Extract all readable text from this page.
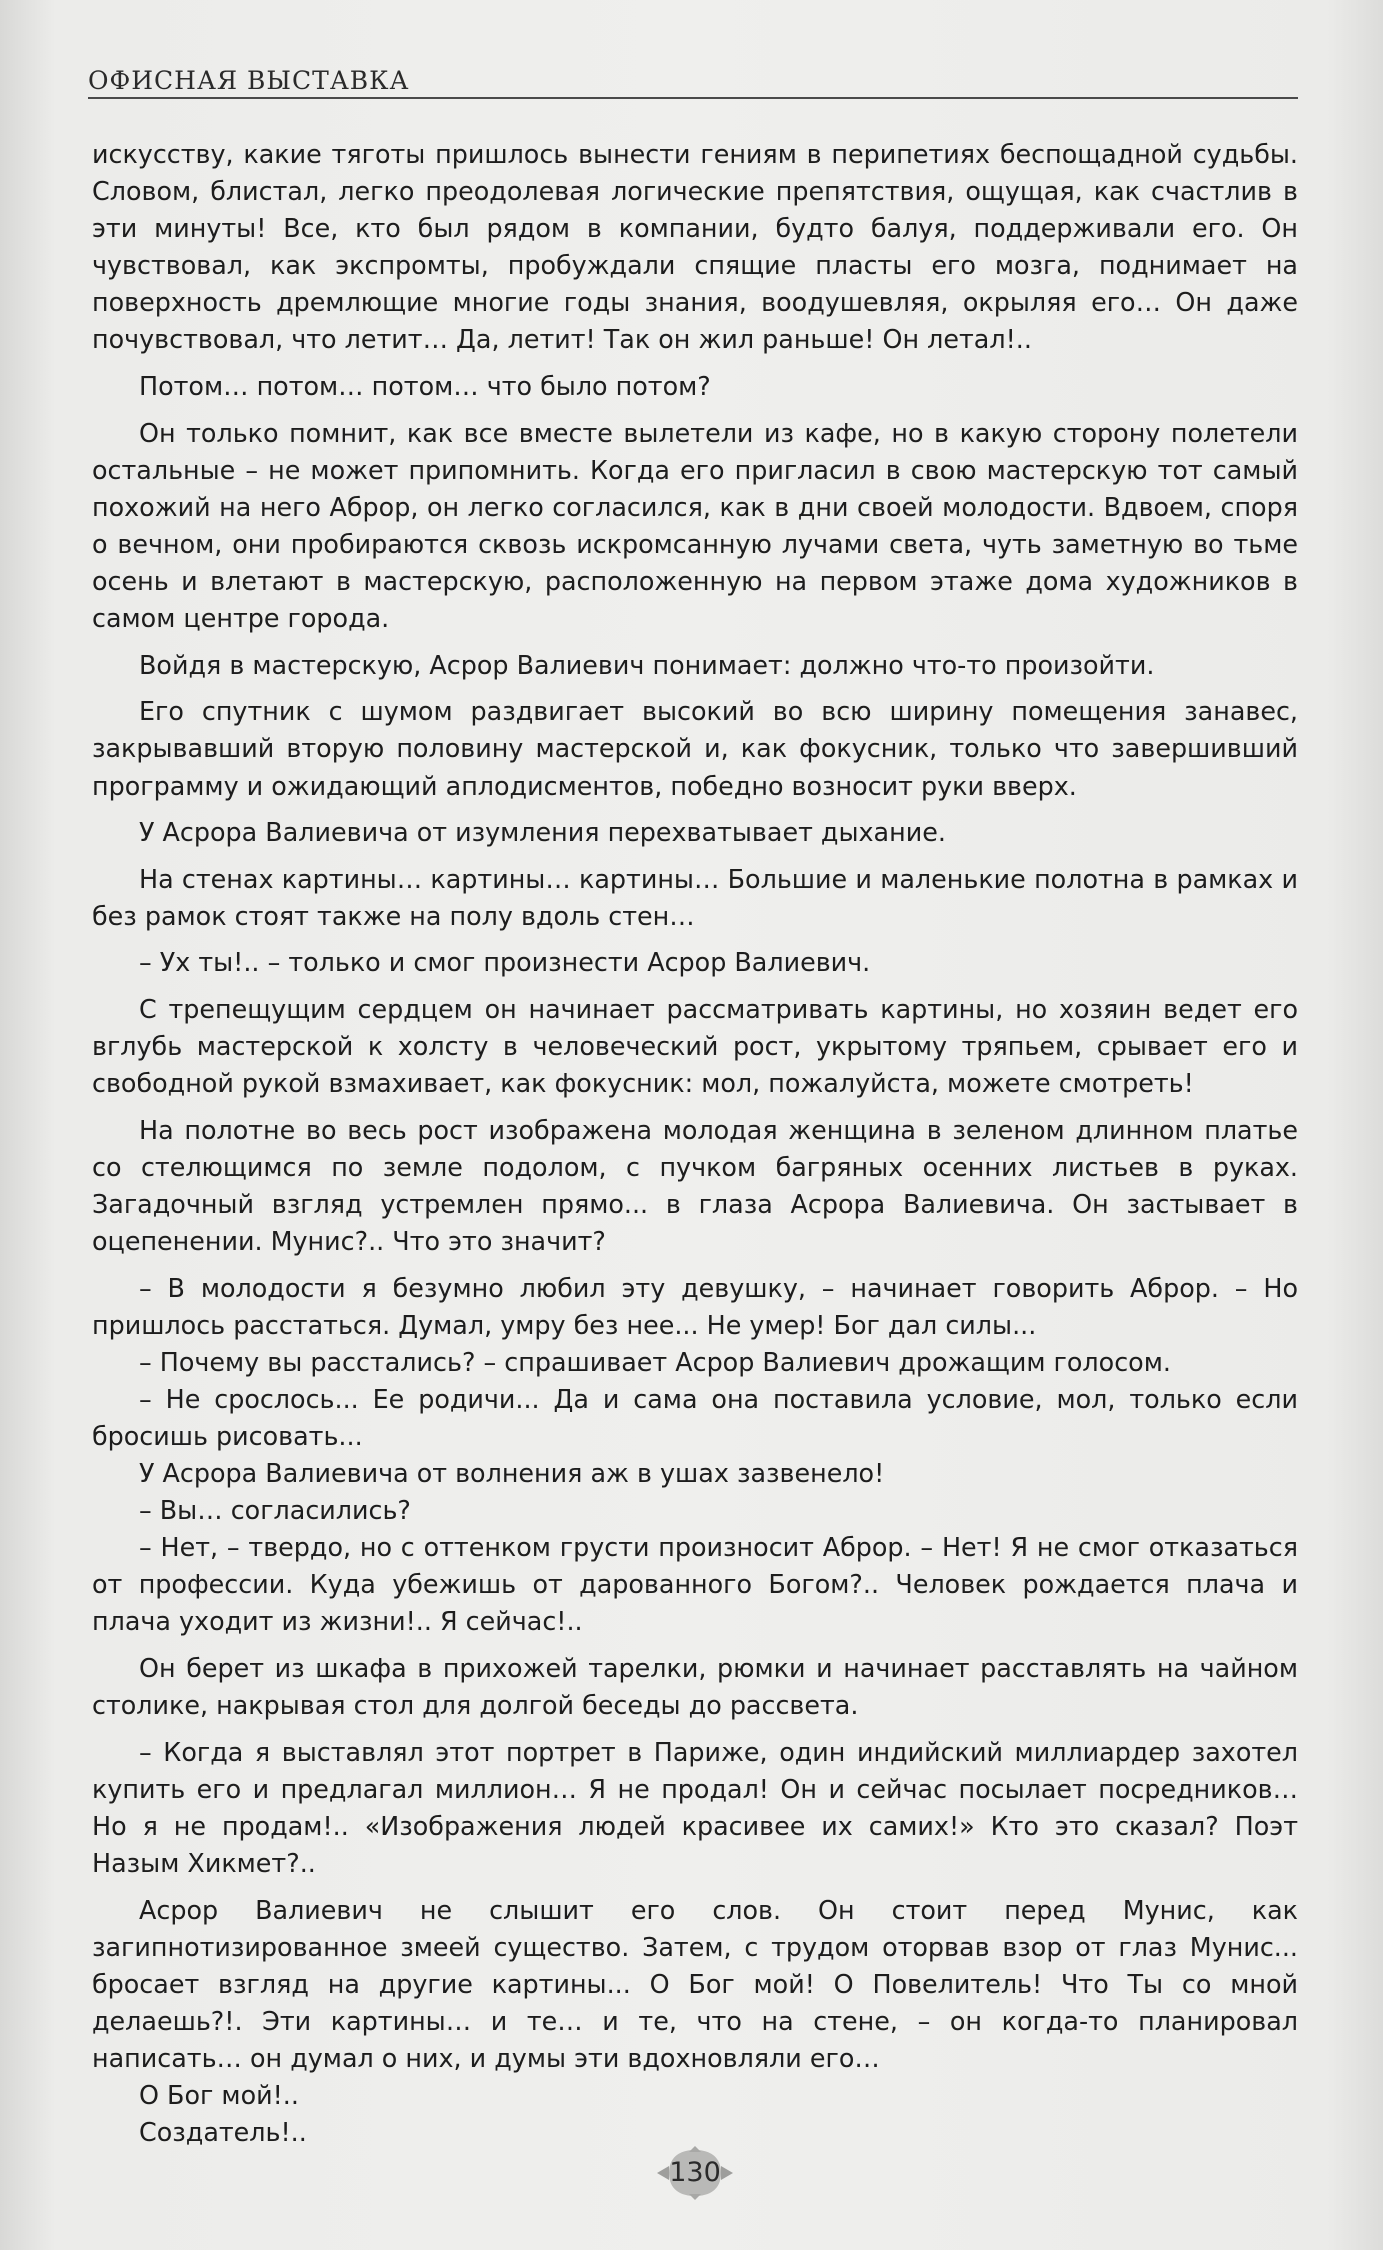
ОФИСНАЯ ВЫСТАВКА

искусству, какие тяготы пришлось вынести гениям в перипетиях беспощадной судьбы. Словом, блистал, легко преодолевая логические препятствия, ощущая, как счастлив в эти минуты! Все, кто был рядом в компании, будто балуя, поддерживали его. Он чувствовал, как экспромты, пробуждали спящие пласты его мозга, поднимает на поверхность дремлющие многие годы знания, воодушевляя, окрыляя его… Он даже почувствовал, что летит… Да, летит! Так он жил раньше! Он летал!..

Потом… потом… потом… что было потом?

Он только помнит, как все вместе вылетели из кафе, но в какую сторону полетели остальные – не может припомнить. Когда его пригласил в свою мастерскую тот самый похожий на него Аброр, он легко согласился, как в дни своей молодости. Вдвоем, споря о вечном, они пробираются сквозь искромсанную лучами света, чуть заметную во тьме осень и влетают в мастерскую, расположенную на первом этаже дома художников в самом центре города.

Войдя в мастерскую, Асрор Валиевич понимает: должно что-то произойти.

Его спутник с шумом раздвигает высокий во всю ширину помещения занавес, закрывавший вторую половину мастерской и, как фокусник, только что завершивший программу и ожидающий аплодисментов, победно возносит руки вверх.

У Асрора Валиевича от изумления перехватывает дыхание.

На стенах картины… картины… картины… Большие и маленькие полотна в рамках и без рамок стоят также на полу вдоль стен…

– Ух ты!.. – только и смог произнести Асрор Валиевич.

С трепещущим сердцем он начинает рассматривать картины, но хозяин ведет его вглубь мастерской к холсту в человеческий рост, укрытому тряпьем, срывает его и свободной рукой взмахивает, как фокусник: мол, пожалуйста, можете смотреть!

На полотне во весь рост изображена молодая женщина в зеленом длинном платье со стелющимся по земле подолом, с пучком багряных осенних листьев в руках. Загадочный взгляд устремлен прямо... в глаза Асрора Валиевича. Он застывает в оцепенении. Мунис?.. Что это значит?

– В молодости я безумно любил эту девушку, – начинает говорить Аброр. – Но пришлось расстаться. Думал, умру без нее... Не умер! Бог дал силы...

– Почему вы расстались? – спрашивает Асрор Валиевич дрожащим голосом.

– Не срослось... Ее родичи... Да и сама она поставила условие, мол, только если бросишь рисовать...

У Асрора Валиевича от волнения аж в ушах зазвенело!

– Вы… согласились?

– Нет, – твердо, но с оттенком грусти произносит Аброр. – Нет! Я не смог отказаться от профессии. Куда убежишь от дарованного Богом?.. Человек рождается плача и плача уходит из жизни!.. Я сейчас!..

Он берет из шкафа в прихожей тарелки, рюмки и начинает расставлять на чайном столике, накрывая стол для долгой беседы до рассвета.

– Когда я выставлял этот портрет в Париже, один индийский миллиардер захотел купить его и предлагал миллион… Я не продал! Он и сейчас посылает посредников… Но я не продам!.. «Изображения людей красивее их самих!» Кто это сказал? Поэт Назым Хикмет?..

Асрор Валиевич не слышит его слов. Он стоит перед Мунис, как загипнотизированное змеей существо. Затем, с трудом оторвав взор от глаз Мунис... бросает взгляд на другие картины... О Бог мой! О Повелитель! Что Ты со мной делаешь?!. Эти картины… и те… и те, что на стене, – он когда-то планировал написать… он думал о них, и думы эти вдохновляли его…

О Бог мой!..

Создатель!..

130
